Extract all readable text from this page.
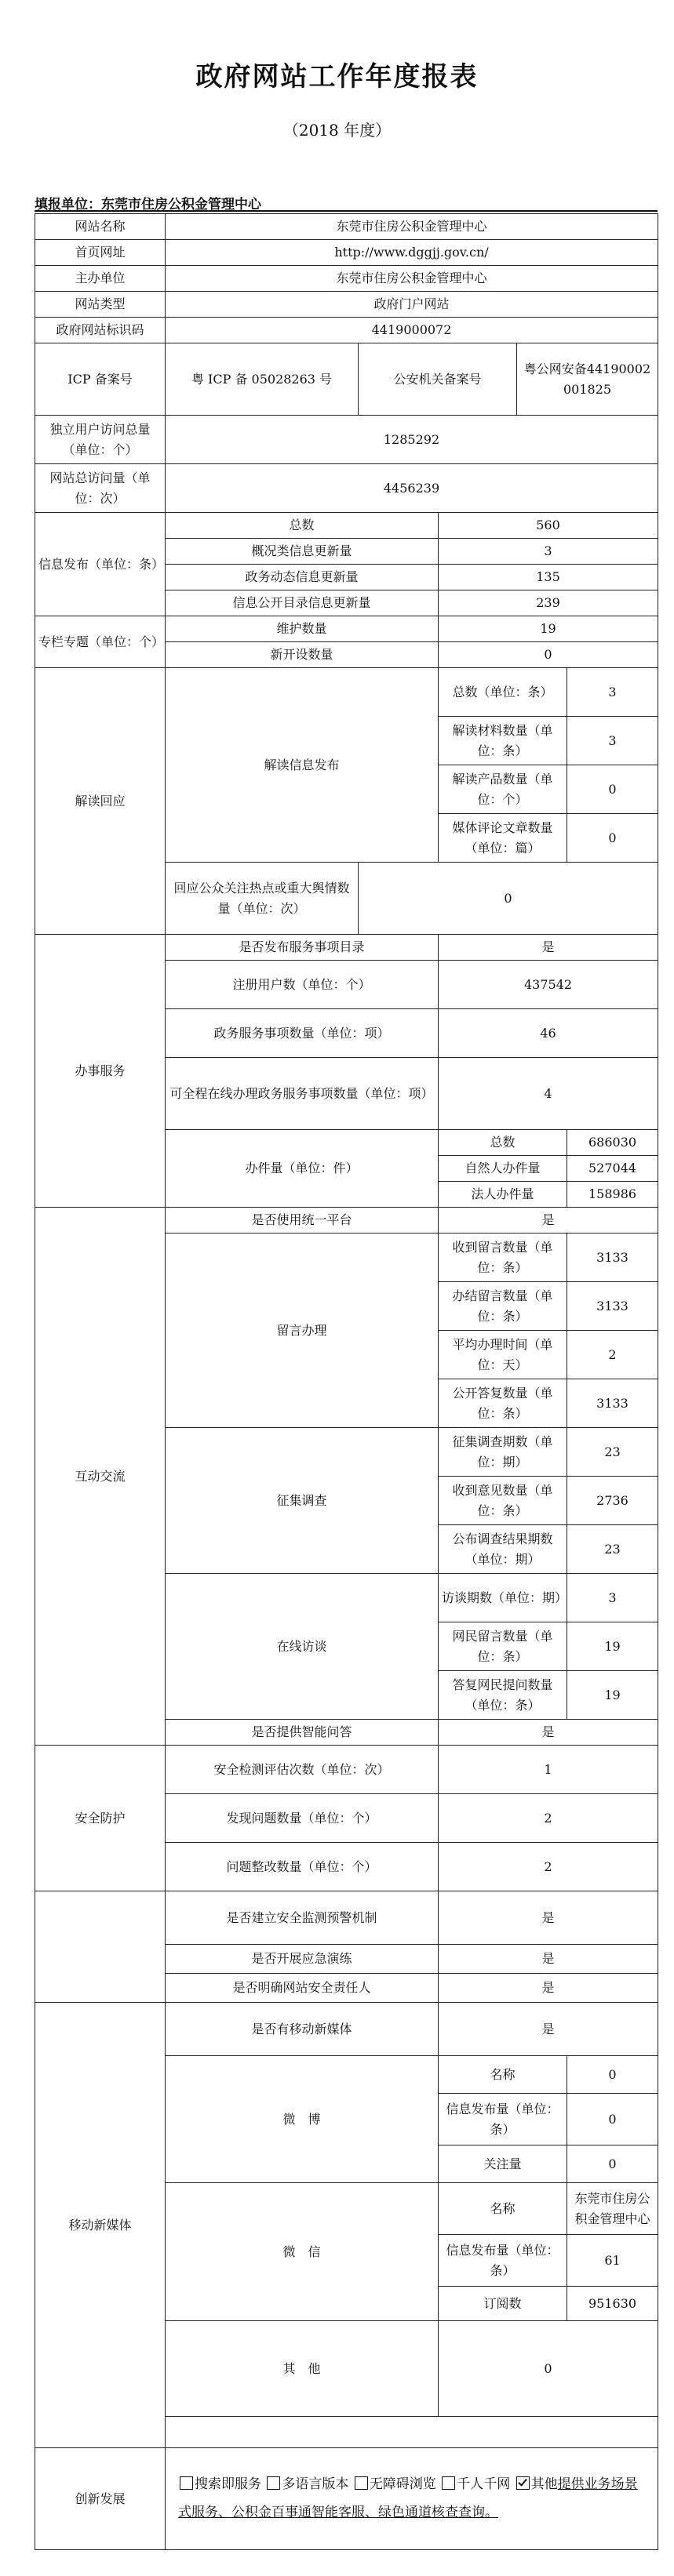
政府网站工作年度报表
（2018 年度）
填报单位：东莞市住房公积金管理中心
网站名称	东莞市住房公积金管理中心				
首页网址	http://www.dggjj.gov.cn/				
主办单位	东莞市住房公积金管理中心				
网站类型	政府门户网站				
政府网站标识码	4419000072				
ICP 备案号	粤 ICP 备 05028263 号	公安机关备案号		粤公网安备44190002001825	
独立用户访问总量（单位：个）	1285292				
网站总访问量（单位：次）	4456239				
信息发布（单位：条）	总数		560		
	概况类信息更新量		3		
	政务动态信息更新量		135		
	信息公开目录信息更新量		239		
专栏专题（单位：个）	维护数量		19		
	新开设数量		0		
解读回应	解读信息发布		总数（单位：条）		3
			解读材料数量（单位：条）		3
			解读产品数量（单位：个）		0
			媒体评论文章数量（单位：篇）		0
	回应公众关注热点或重大舆情数量（单位：次）	0			
办事服务	是否发布服务事项目录		是		
	注册用户数（单位：个）		437542		
	政务服务事项数量（单位：项）		46		
	可全程在线办理政务服务事项数量（单位：项）		4		
	办件量（单位：件）		总数		686030
			自然人办件量		527044
			法人办件量		158986
互动交流	是否使用统一平台		是		
	留言办理		收到留言数量（单位：条）		3133
			办结留言数量（单位：条）		3133
			平均办理时间（单位：天）		2
			公开答复数量（单位：条）		3133
	征集调查		征集调查期数（单位：期）		23
			收到意见数量（单位：条）		2736
			公布调查结果期数（单位：期）		23
	在线访谈		访谈期数（单位：期）		3
			网民留言数量（单位：条）		19
			答复网民提问数量（单位：条）		19
	是否提供智能问答		是		
安全防护	安全检测评估次数（单位：次）		1		
	发现问题数量（单位：个）		2		
	问题整改数量（单位：个）		2		
	是否建立安全监测预警机制		是		
	是否开展应急演练		是		
	是否明确网站安全责任人		是		
移动新媒体	是否有移动新媒体		是		
	微　博		名称		0
			信息发布量（单位：条）		0
			关注量		0
	微　信		名称		东莞市住房公积金管理中心
			信息发布量（单位：条）		61
			订阅数		951630
	其　他		0		

创新发展	搜索即服务 多语言版本 无障碍浏览 千人千网 其他提供业务场景式服务、公积金百事通智能客服、绿色通道核查查询。				
